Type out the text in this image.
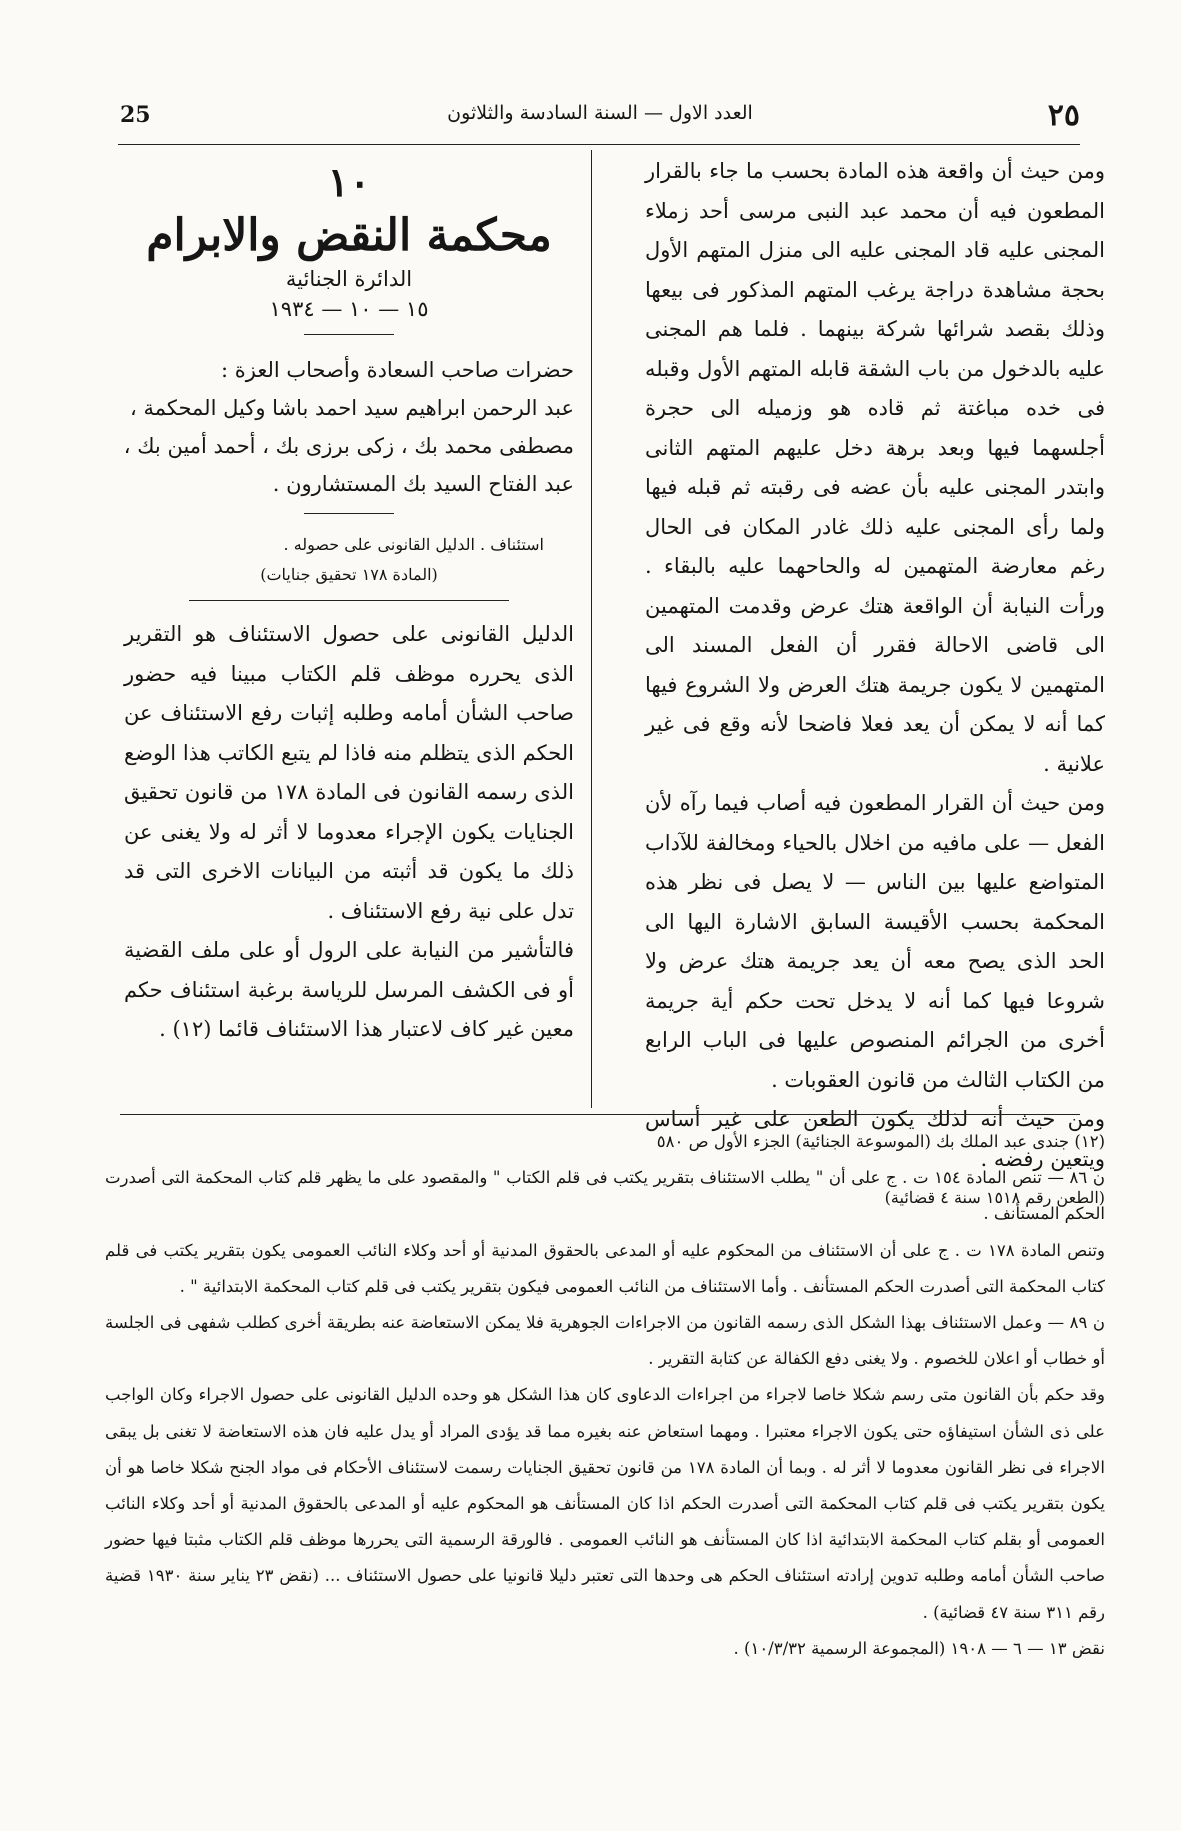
٢٥
العدد الاول — السنة السادسة والثلاثون
25

ومن حيث أن واقعة هذه المادة بحسب ما جاء بالقرار المطعون فيه أن محمد عبد النبى مرسى أحد زملاء المجنى عليه قاد المجنى عليه الى منزل المتهم الأول بحجة مشاهدة دراجة يرغب المتهم المذكور فى بيعها وذلك بقصد شرائها شركة بينهما . فلما هم المجنى عليه بالدخول من باب الشقة قابله المتهم الأول وقبله فى خده مباغتة ثم قاده هو وزميله الى حجرة أجلسهما فيها وبعد برهة دخل عليهم المتهم الثانى وابتدر المجنى عليه بأن عضه فى رقبته ثم قبله فيها ولما رأى المجنى عليه ذلك غادر المكان فى الحال رغم معارضة المتهمين له والحاحهما عليه بالبقاء . ورأت النيابة أن الواقعة هتك عرض وقدمت المتهمين الى قاضى الاحالة فقرر أن الفعل المسند الى المتهمين لا يكون جريمة هتك العرض ولا الشروع فيها كما أنه لا يمكن أن يعد فعلا فاضحا لأنه وقع فى غير علانية .

ومن حيث أن القرار المطعون فيه أصاب فيما رآه لأن الفعل — على مافيه من اخلال بالحياء ومخالفة للآداب المتواضع عليها بين الناس — لا يصل فى نظر هذه المحكمة بحسب الأقيسة السابق الاشارة اليها الى الحد الذى يصح معه أن يعد جريمة هتك عرض ولا شروعا فيها كما أنه لا يدخل تحت حكم أية جريمة أخرى من الجرائم المنصوص عليها فى الباب الرابع من الكتاب الثالث من قانون العقوبات .

ومن حيث أنه لذلك يكون الطعن على غير أساس ويتعين رفضه .

(الطعن رقم ١٥١٨ سنة ٤ قضائية)
١٠
محكمة النقض والابرام
الدائرة الجنائية
١٥ — ١٠ — ١٩٣٤
حضرات صاحب السعادة وأصحاب العزة :
عبد الرحمن ابراهيم سيد احمد باشا وكيل المحكمة ،
مصطفى محمد بك ، زكى برزى بك ، أحمد أمين بك ،
عبد الفتاح السيد بك المستشارون .
استئناف . الدليل القانونى على حصوله .
(المادة ١٧٨ تحقيق جنايات)

الدليل القانونى على حصول الاستئناف هو التقرير الذى يحرره موظف قلم الكتاب مبينا فيه حضور صاحب الشأن أمامه وطلبه إثبات رفع الاستئناف عن الحكم الذى يتظلم منه فاذا لم يتبع الكاتب هذا الوضع الذى رسمه القانون فى المادة ١٧٨ من قانون تحقيق الجنايات يكون الإجراء معدوما لا أثر له ولا يغنى عن ذلك ما يكون قد أثبته من البيانات الاخرى التى قد تدل على نية رفع الاستئناف .

فالتأشير من النيابة على الرول أو على ملف القضية أو فى الكشف المرسل للرياسة برغبة استئناف حكم معين غير كاف لاعتبار هذا الاستئناف قائما (١٢) .

(١٢) جندى عبد الملك بك (الموسوعة الجنائية) الجزء الأول ص ٥٨٠

ن ٨٦ — تنص المادة ١٥٤ ت . ج على أن " يطلب الاستئناف بتقرير يكتب فى قلم الكتاب " والمقصود على ما يظهر قلم كتاب المحكمة التى أصدرت الحكم المستأنف .

وتنص المادة ١٧٨ ت . ج على أن الاستئناف من المحكوم عليه أو المدعى بالحقوق المدنية أو أحد وكلاء النائب العمومى يكون بتقرير يكتب فى قلم كتاب المحكمة التى أصدرت الحكم المستأنف . وأما الاستئناف من النائب العمومى فيكون بتقرير يكتب فى قلم كتاب المحكمة الابتدائية " .

ن ٨٩ — وعمل الاستئناف بهذا الشكل الذى رسمه القانون من الاجراءات الجوهرية فلا يمكن الاستعاضة عنه بطريقة أخرى كطلب شفهى فى الجلسة أو خطاب أو اعلان للخصوم . ولا يغنى دفع الكفالة عن كتابة التقرير .

وقد حكم بأن القانون متى رسم شكلا خاصا لاجراء من اجراءات الدعاوى كان هذا الشكل هو وحده الدليل القانونى على حصول الاجراء وكان الواجب على ذى الشأن استيفاؤه حتى يكون الاجراء معتبرا . ومهما استعاض عنه بغيره مما قد يؤدى المراد أو يدل عليه فان هذه الاستعاضة لا تغنى بل يبقى الاجراء فى نظر القانون معدوما لا أثر له . وبما أن المادة ١٧٨ من قانون تحقيق الجنايات رسمت لاستئناف الأحكام فى مواد الجنح شكلا خاصا هو أن يكون بتقرير يكتب فى قلم كتاب المحكمة التى أصدرت الحكم اذا كان المستأنف هو المحكوم عليه أو المدعى بالحقوق المدنية أو أحد وكلاء النائب العمومى أو بقلم كتاب المحكمة الابتدائية اذا كان المستأنف هو النائب العمومى . فالورقة الرسمية التى يحررها موظف قلم الكتاب مثبتا فيها حضور صاحب الشأن أمامه وطلبه تدوين إرادته استئناف الحكم هى وحدها التى تعتبر دليلا قانونيا على حصول الاستئناف ... (نقض ٢٣ يناير سنة ١٩٣٠ قضية رقم ٣١١ سنة ٤٧ قضائية) .

نقض ١٣ — ٦ — ١٩٠٨ (المجموعة الرسمية ١٠/٣/٣٢) .
